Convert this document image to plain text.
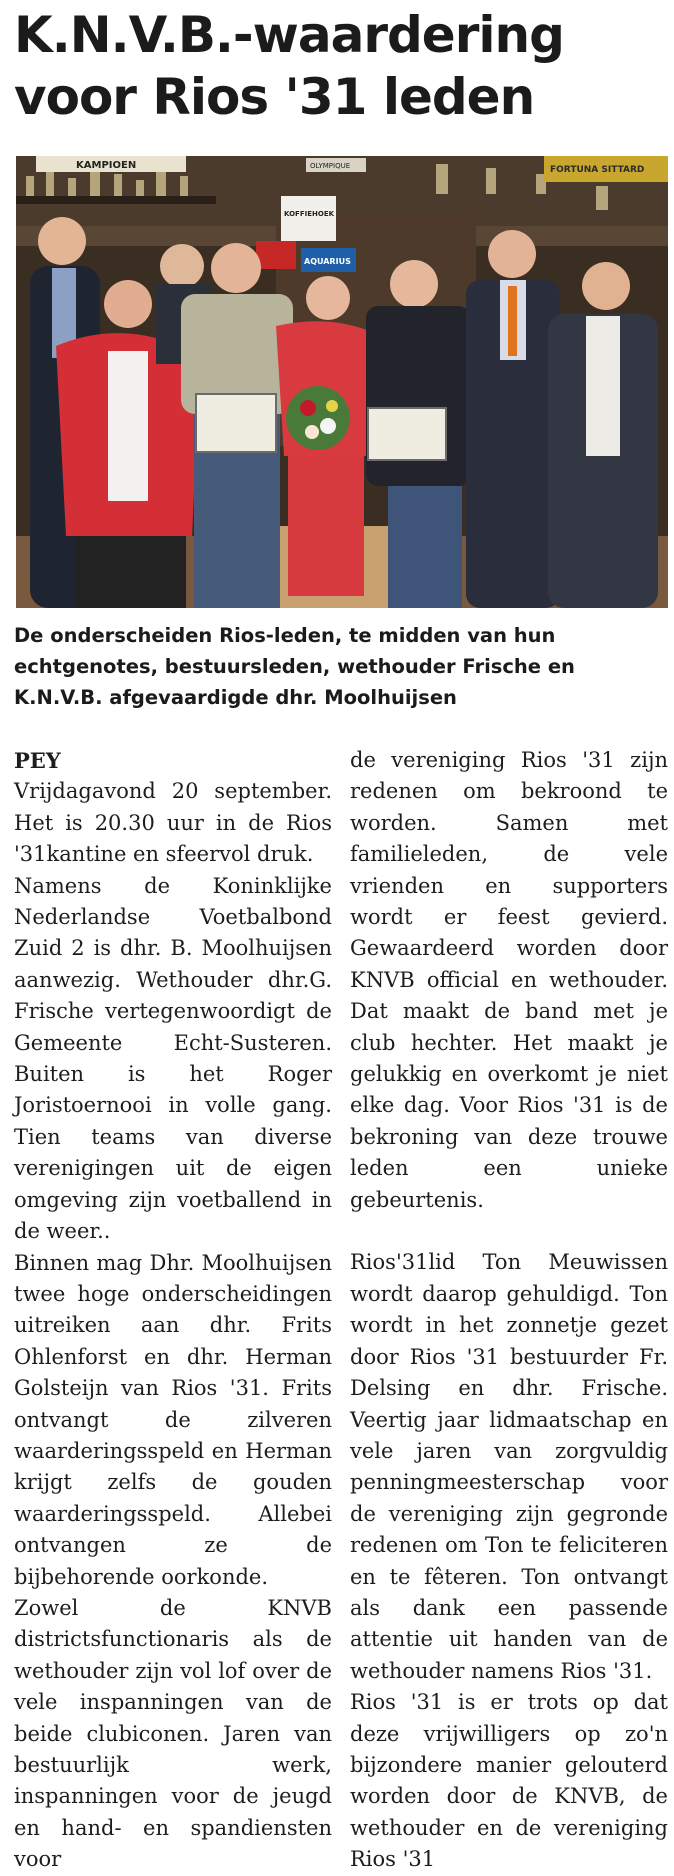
K.N.V.B.-waardering voor Rios '31 leden
KAMPIOEN	OLYMPIQUE	FORTUNA SITTARD
KOFFIEHOEK
AQUARIUS

De onderscheiden Rios-leden, te midden van hun echtgenotes, bestuursleden, wethouder Frische en K.N.V.B. afgevaardigde dhr. Moolhuijsen

PEY

Vrijdagavond 20 september. Het is 20.30 uur in de Rios '31kantine en sfeervol druk.

Namens de Koninklijke Nederlandse Voetbalbond Zuid 2 is dhr. B. Moolhuijsen aanwezig. Wethouder dhr.G. Frische vertegenwoordigt de Gemeente Echt-Susteren. Buiten is het Roger Joristoernooi in volle gang. Tien teams van diverse verenigingen uit de eigen omgeving zijn voetballend in de weer..

Binnen mag Dhr. Moolhuijsen twee hoge onderscheidingen uitreiken aan dhr. Frits Ohlenforst en dhr. Herman Golsteijn van Rios '31. Frits ontvangt de zilveren waarderingsspeld en Herman krijgt zelfs de gouden waarderingsspeld. Allebei ontvangen ze de bijbehorende oorkonde.

Zowel de KNVB districtsfunctionaris als de wethouder zijn vol lof over de vele inspanningen van de beide clubiconen. Jaren van bestuurlijk werk, inspanningen voor de jeugd en hand- en spandiensten voor

de vereniging Rios '31 zijn redenen om bekroond te worden. Samen met familieleden, de vele vrienden en supporters wordt er feest gevierd. Gewaardeerd worden door KNVB official en wethouder. Dat maakt de band met je club hechter. Het maakt je gelukkig en overkomt je niet elke dag. Voor Rios '31 is de bekroning van deze trouwe leden een unieke gebeurtenis.

Rios'31lid Ton Meuwissen wordt daarop gehuldigd. Ton wordt in het zonnetje gezet door Rios '31 bestuurder Fr. Delsing en dhr. Frische. Veertig jaar lidmaatschap en vele jaren van zorgvuldig penningmeesterschap voor de vereniging zijn gegronde redenen om Ton te feliciteren en te fêteren. Ton ontvangt als dank een passende attentie uit handen van de wethouder namens Rios '31.

Rios '31 is er trots op dat deze vrijwilligers op zo'n bijzondere manier gelouterd worden door de KNVB, de wethouder en de vereniging Rios '31
